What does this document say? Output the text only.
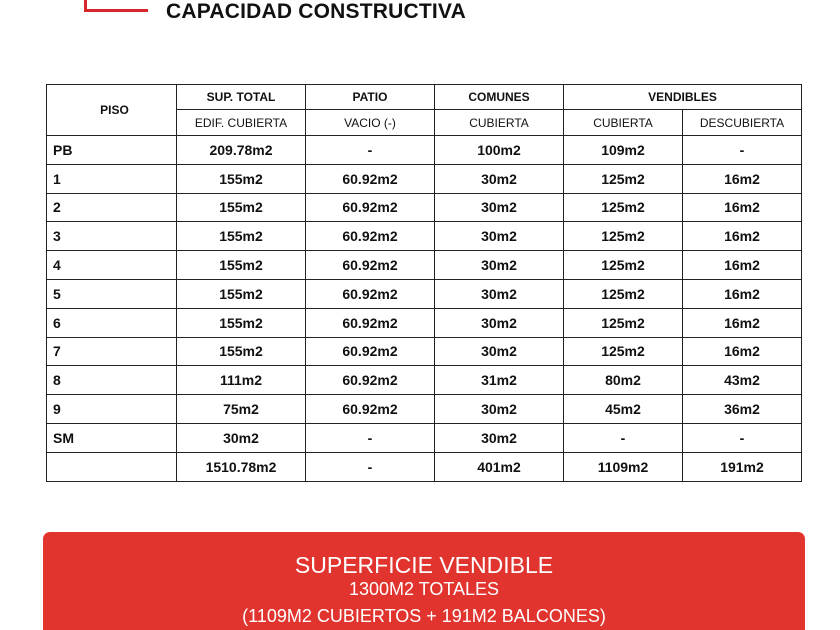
CAPACIDAD CONSTRUCTIVA
PISO	SUP. TOTAL	PATIO	COMUNES	VENDIBLES	
	EDIF. CUBIERTA	VACIO (-)	CUBIERTA	CUBIERTA	DESCUBIERTA
PB	209.78m2	-	100m2	109m2	-
1	155m2	60.92m2	30m2	125m2	16m2
2	155m2	60.92m2	30m2	125m2	16m2
3	155m2	60.92m2	30m2	125m2	16m2
4	155m2	60.92m2	30m2	125m2	16m2
5	155m2	60.92m2	30m2	125m2	16m2
6	155m2	60.92m2	30m2	125m2	16m2
7	155m2	60.92m2	30m2	125m2	16m2
8	111m2	60.92m2	31m2	80m2	43m2
9	75m2	60.92m2	30m2	45m2	36m2
SM	30m2	-	30m2	-	-
	1510.78m2	-	401m2	1109m2	191m2
SUPERFICIE VENDIBLE
1300M2 TOTALES
(1109M2 CUBIERTOS + 191M2 BALCONES)
